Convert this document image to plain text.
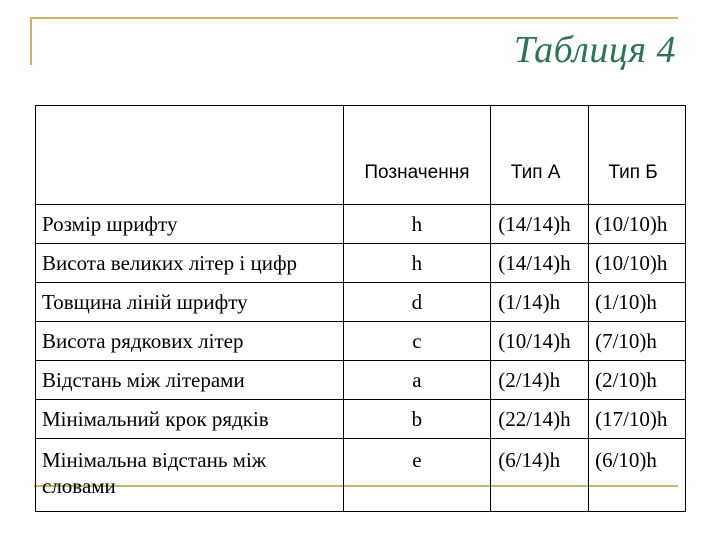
Таблиця 4
	Позначення	Тип А	Тип Б
Розмір шрифту	h	(14/14)h	(10/10)h
Висота великих літер і цифр	h	(14/14)h	(10/10)h
Товщина ліній шрифту	d	(1/14)h	(1/10)h
Висота рядкових літер	c	(10/14)h	(7/10)h
Відстань між літерами	a	(2/14)h	(2/10)h
Мінімальний крок рядків	b	(22/14)h	(17/10)h
Мінімальна відстань між словами	e	(6/14)h	(6/10)h
